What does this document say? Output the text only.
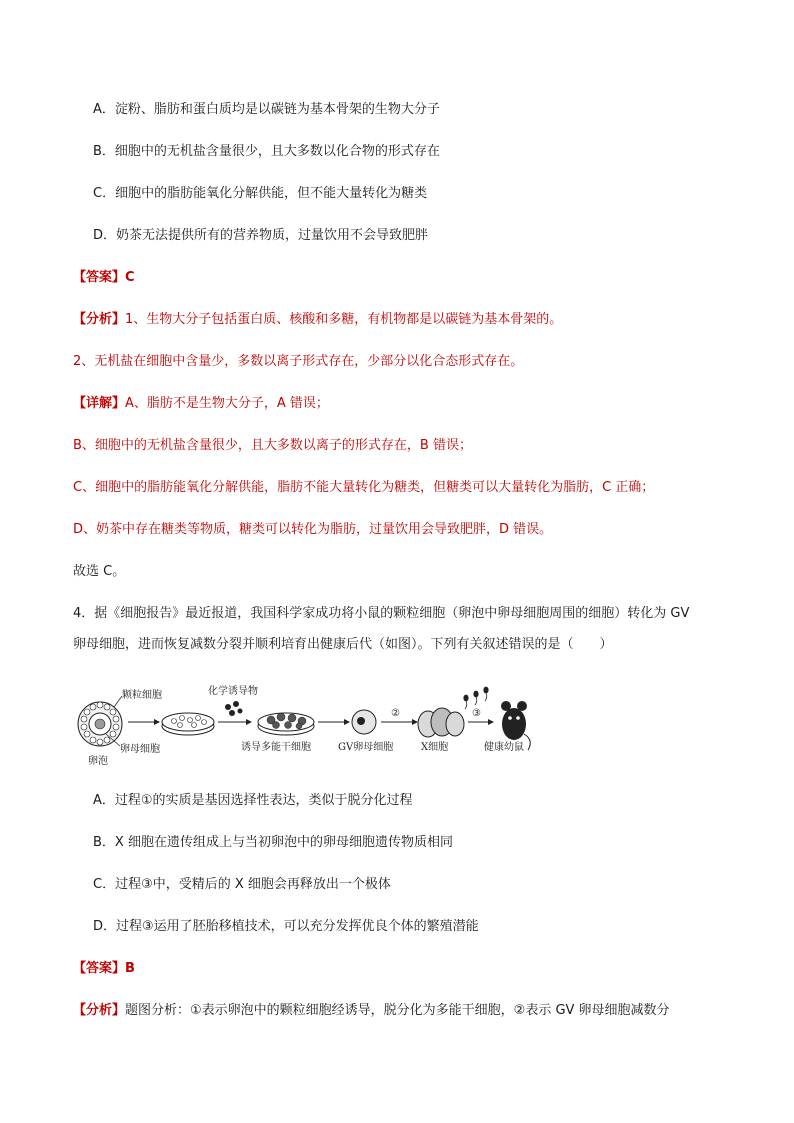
A．淀粉、脂肪和蛋白质均是以碳链为基本骨架的生物大分子
B．细胞中的无机盐含量很少，且大多数以化合物的形式存在
C．细胞中的脂肪能氧化分解供能，但不能大量转化为糖类
D．奶茶无法提供所有的营养物质，过量饮用不会导致肥胖
【答案】C
【分析】1、生物大分子包括蛋白质、核酸和多糖，有机物都是以碳链为基本骨架的。
2、无机盐在细胞中含量少，多数以离子形式存在，少部分以化合态形式存在。
【详解】A、脂肪不是生物大分子，A 错误；
B、细胞中的无机盐含量很少，且大多数以离子的形式存在，B 错误；
C、细胞中的脂肪能氧化分解供能，脂肪不能大量转化为糖类，但糖类可以大量转化为脂肪，C 正确；
D、奶茶中存在糖类等物质，糖类可以转化为脂肪，过量饮用会导致肥胖，D 错误。
故选 C。
4．据《细胞报告》最近报道，我国科学家成功将小鼠的颗粒细胞（卵泡中卵母细胞周围的细胞）转化为 GV
卵母细胞，进而恢复减数分裂并顺利培育出健康后代（如图）。下列有关叙述错误的是（　　）
颗粒细胞
卵母细胞
卵泡
化学诱导物
诱导多能干细胞	GV卵母细胞
②
X细胞
③
健康幼鼠
A．过程①的实质是基因选择性表达，类似于脱分化过程
B．X 细胞在遗传组成上与当初卵泡中的卵母细胞遗传物质相同
C．过程③中，受精后的 X 细胞会再释放出一个极体
D．过程③运用了胚胎移植技术，可以充分发挥优良个体的繁殖潜能
【答案】B
【分析】题图分析：①表示卵泡中的颗粒细胞经诱导，脱分化为多能干细胞，②表示 GV 卵母细胞减数分
